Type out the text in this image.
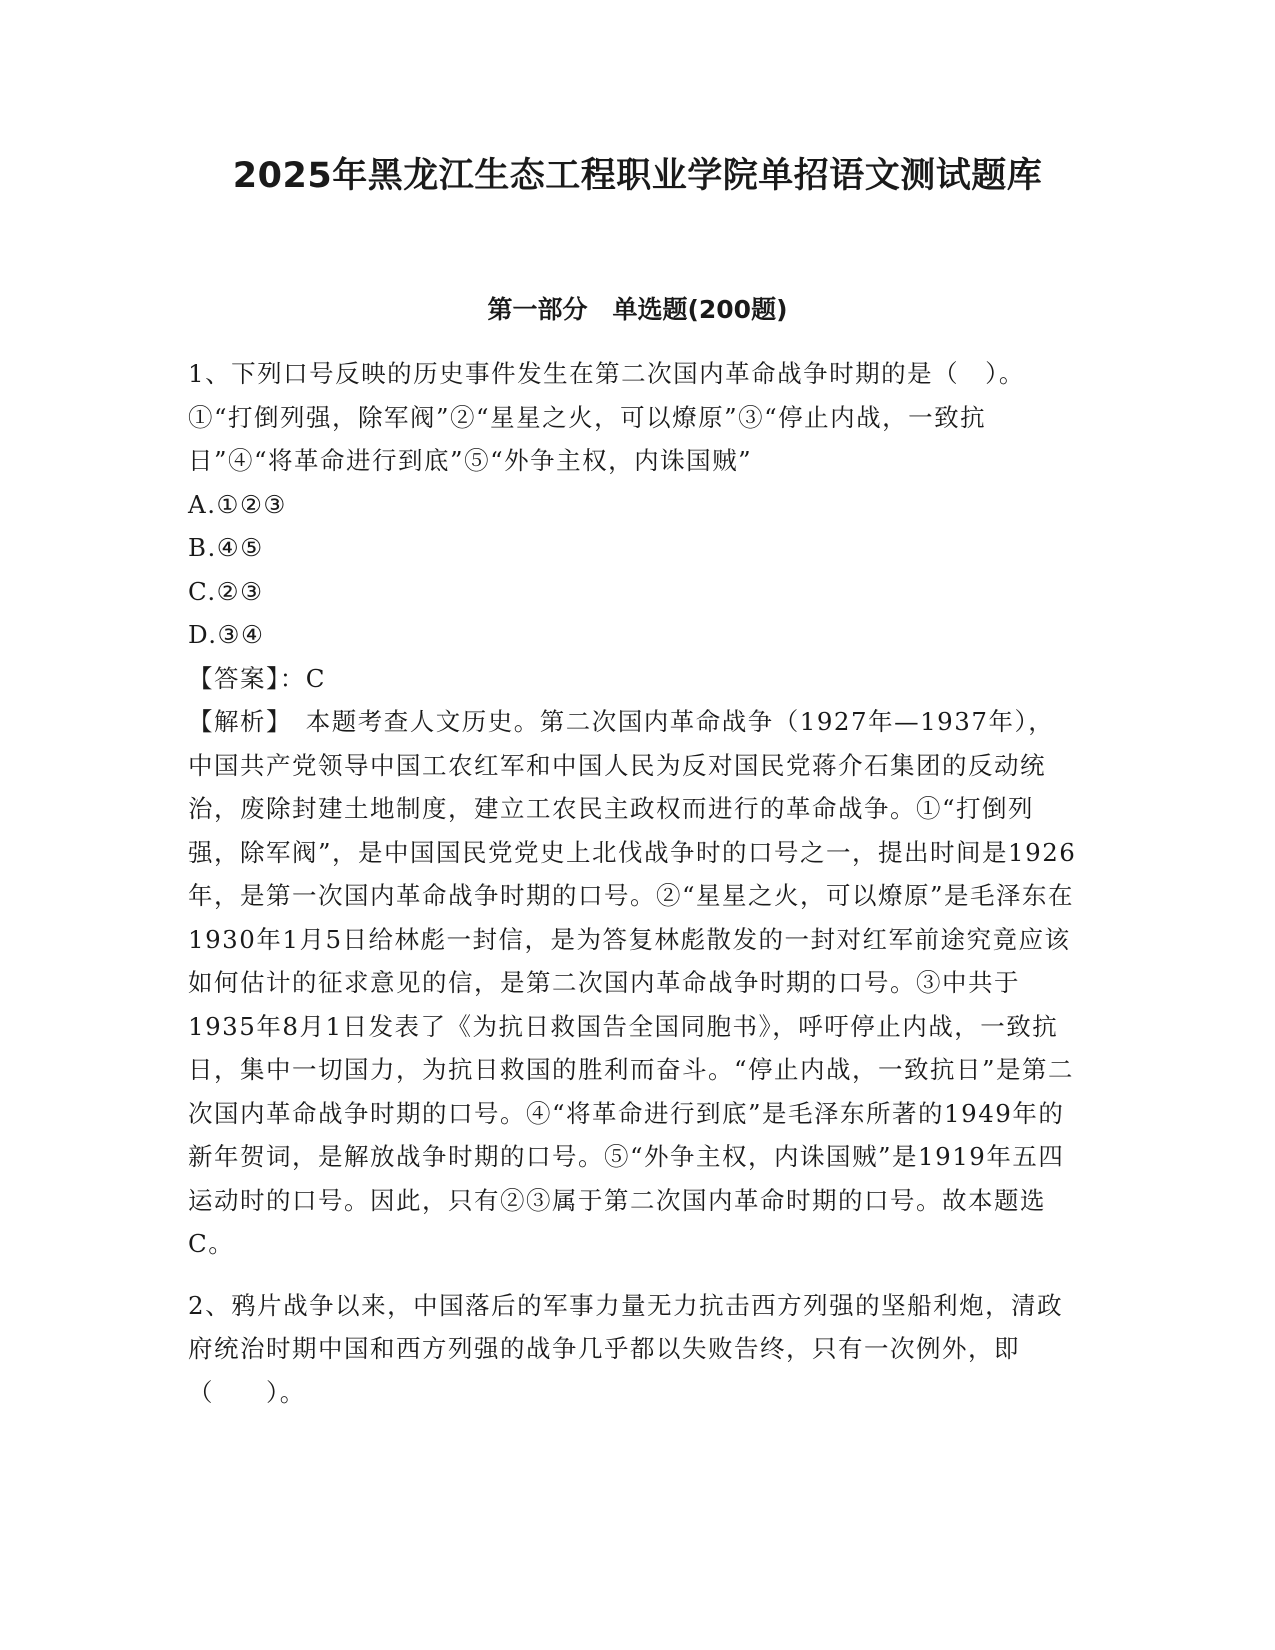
2025年黑龙江生态工程职业学院单招语文测试题库
第一部分　单选题(200题)

1、下列口号反映的历史事件发生在第二次国内革命战争时期的是（　）。①“打倒列强，除军阀”②“星星之火，可以燎原”③“停止内战，一致抗日”④“将革命进行到底”⑤“外争主权，内诛国贼”

A.①②③

B.④⑤

C.②③

D.③④

【答案】：C

【解析】　本题考查人文历史。第二次国内革命战争（1927年—1937年），中国共产党领导中国工农红军和中国人民为反对国民党蒋介石集团的反动统治，废除封建土地制度，建立工农民主政权而进行的革命战争。①“打倒列强，除军阀”，是中国国民党党史上北伐战争时的口号之一，提出时间是1926年，是第一次国内革命战争时期的口号。②“星星之火，可以燎原”是毛泽东在1930年1月5日给林彪一封信，是为答复林彪散发的一封对红军前途究竟应该如何估计的征求意见的信，是第二次国内革命战争时期的口号。③中共于1935年8月1日发表了《为抗日救国告全国同胞书》，呼吁停止内战，一致抗日，集中一切国力，为抗日救国的胜利而奋斗。“停止内战，一致抗日”是第二次国内革命战争时期的口号。④“将革命进行到底”是毛泽东所著的1949年的新年贺词，是解放战争时期的口号。⑤“外争主权，内诛国贼”是1919年五四运动时的口号。因此，只有②③属于第二次国内革命时期的口号。故本题选C。

2、鸦片战争以来，中国落后的军事力量无力抗击西方列强的坚船利炮，清政府统治时期中国和西方列强的战争几乎都以失败告终，只有一次例外，即（　　）。
